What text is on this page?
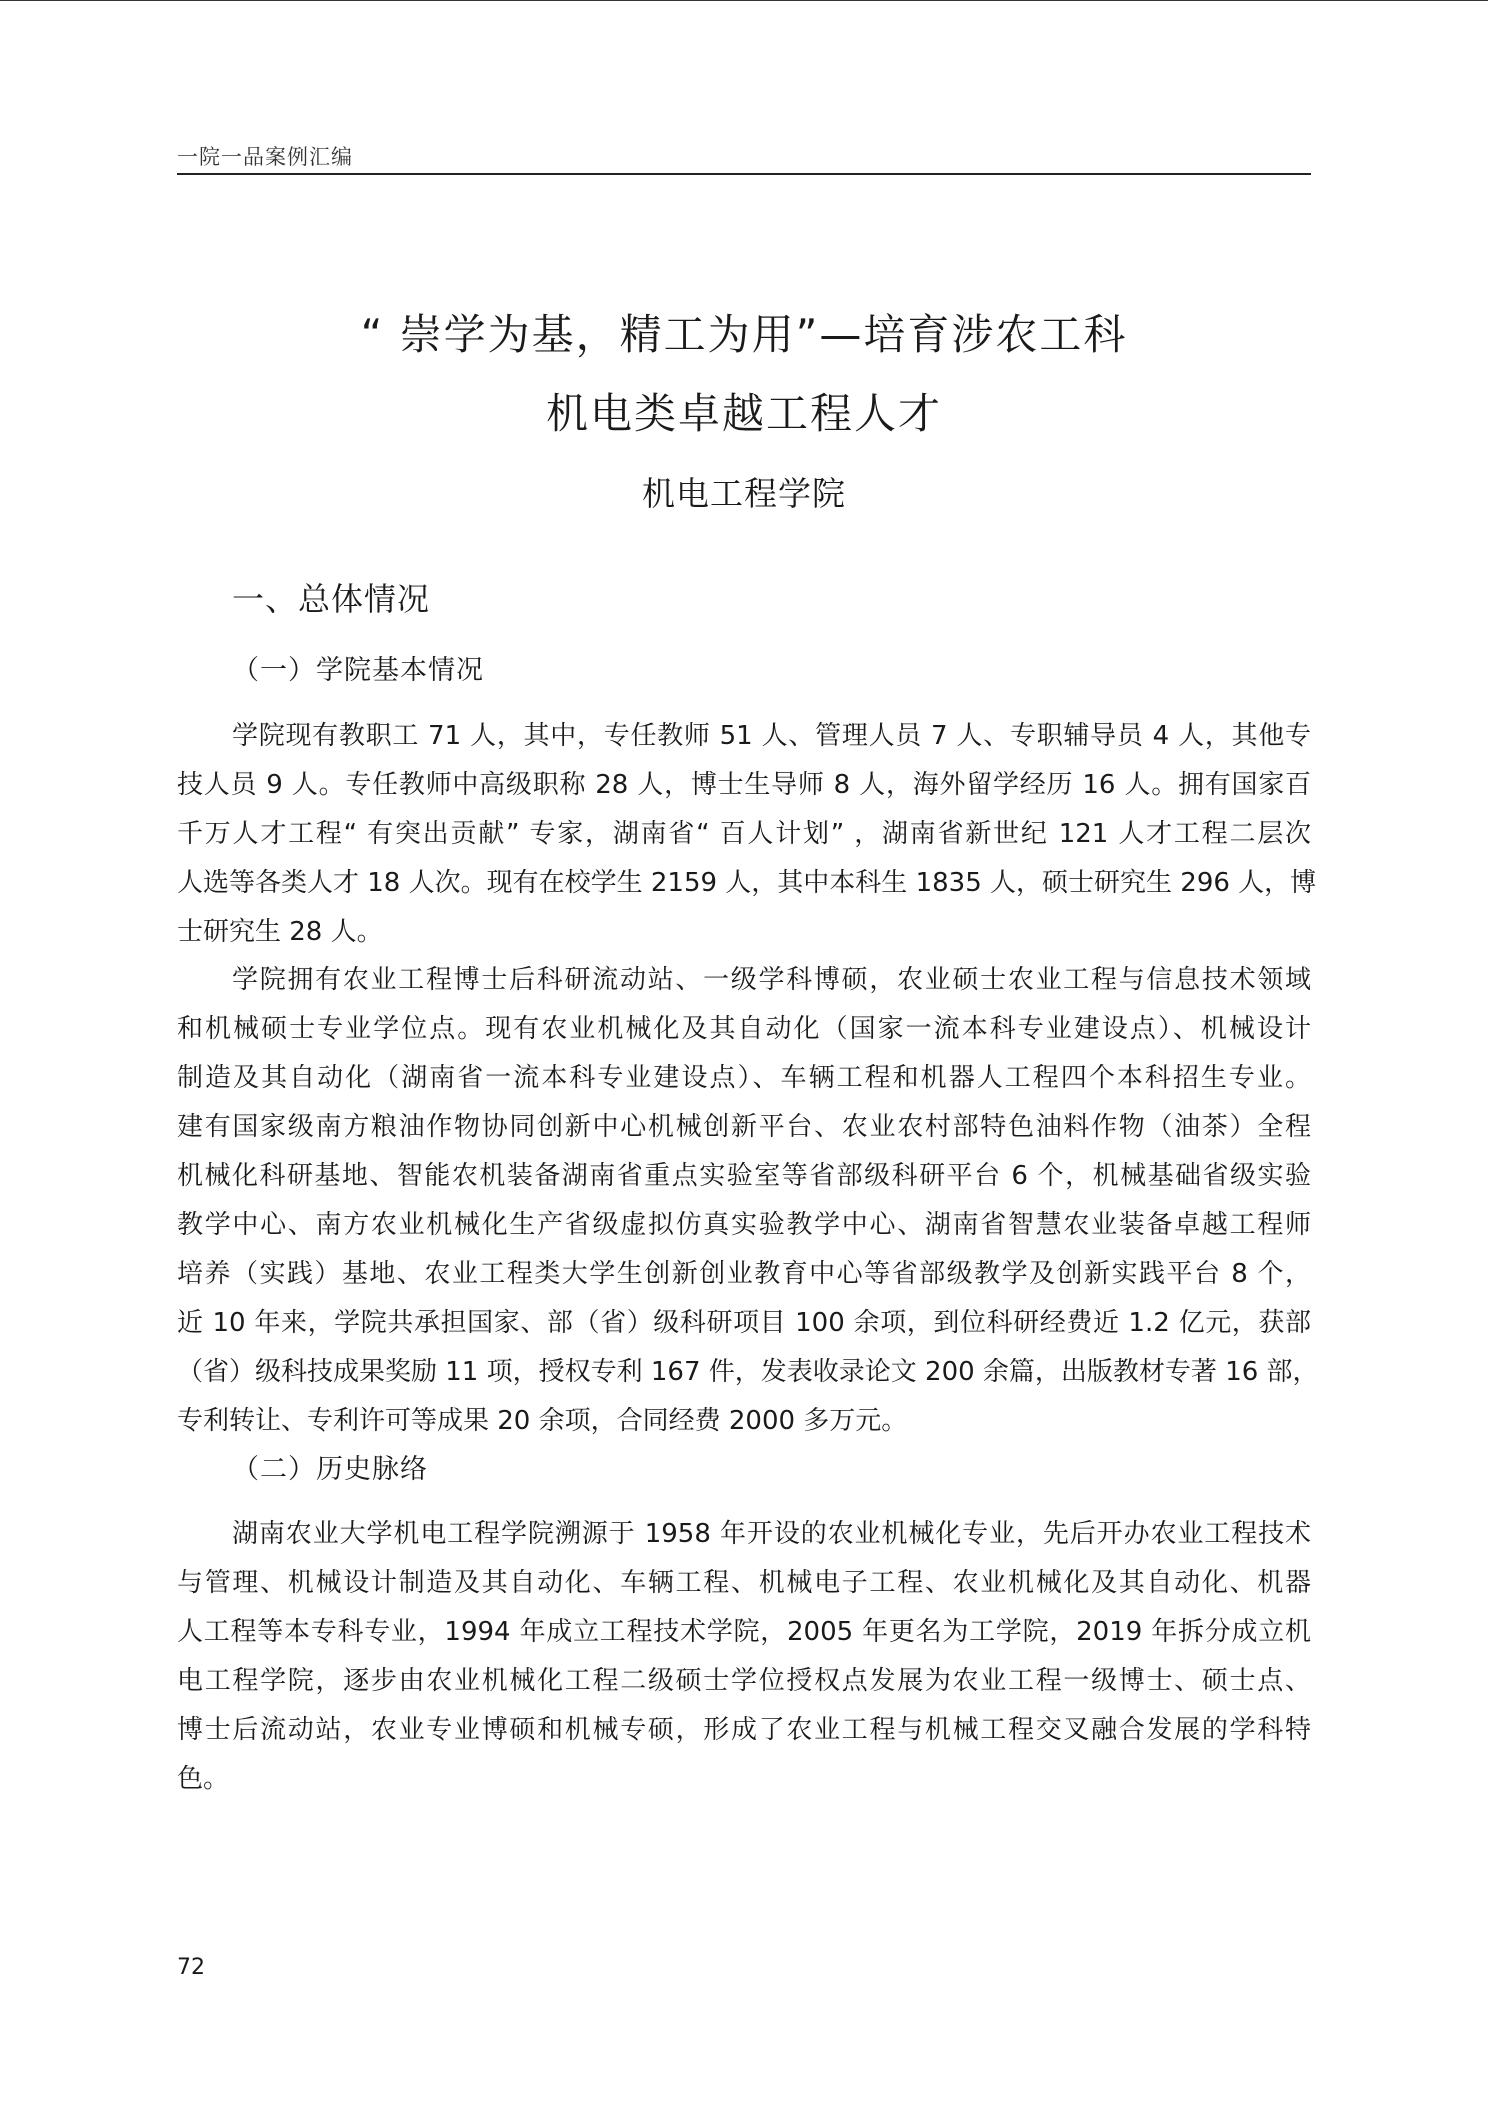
一院一品案例汇编
“ 崇学为基，精工为用”—培育涉农工科
机电类卓越工程人才
机电工程学院
一、总体情况
（一）学院基本情况
学院现有教职工 71 人，其中，专任教师 51 人、管理人员 7 人、专职辅导员 4 人，其他专
技人员 9 人。专任教师中高级职称 28 人，博士生导师 8 人，海外留学经历 16 人。拥有国家百
千万人才工程“ 有突出贡献” 专家，湖南省“ 百人计划” ，湖南省新世纪 121 人才工程二层次
人选等各类人才 18 人次。现有在校学生 2159 人，其中本科生 1835 人，硕士研究生 296 人，博
士研究生 28 人。
学院拥有农业工程博士后科研流动站、一级学科博硕，农业硕士农业工程与信息技术领域
和机械硕士专业学位点。现有农业机械化及其自动化（国家一流本科专业建设点）、机械设计
制造及其自动化（湖南省一流本科专业建设点）、车辆工程和机器人工程四个本科招生专业。
建有国家级南方粮油作物协同创新中心机械创新平台、农业农村部特色油料作物（油茶）全程
机械化科研基地、智能农机装备湖南省重点实验室等省部级科研平台 6 个，机械基础省级实验
教学中心、南方农业机械化生产省级虚拟仿真实验教学中心、湖南省智慧农业装备卓越工程师
培养（实践）基地、农业工程类大学生创新创业教育中心等省部级教学及创新实践平台 8 个，
近 10 年来，学院共承担国家、部（省）级科研项目 100 余项，到位科研经费近 1.2 亿元，获部
（省）级科技成果奖励 11 项，授权专利 167 件，发表收录论文 200 余篇，出版教材专著 16 部，
专利转让、专利许可等成果 20 余项，合同经费 2000 多万元。
（二）历史脉络
湖南农业大学机电工程学院溯源于 1958 年开设的农业机械化专业，先后开办农业工程技术
与管理、机械设计制造及其自动化、车辆工程、机械电子工程、农业机械化及其自动化、机器
人工程等本专科专业，1994 年成立工程技术学院，2005 年更名为工学院，2019 年拆分成立机
电工程学院，逐步由农业机械化工程二级硕士学位授权点发展为农业工程一级博士、硕士点、
博士后流动站，农业专业博硕和机械专硕，形成了农业工程与机械工程交叉融合发展的学科特
色。
72
